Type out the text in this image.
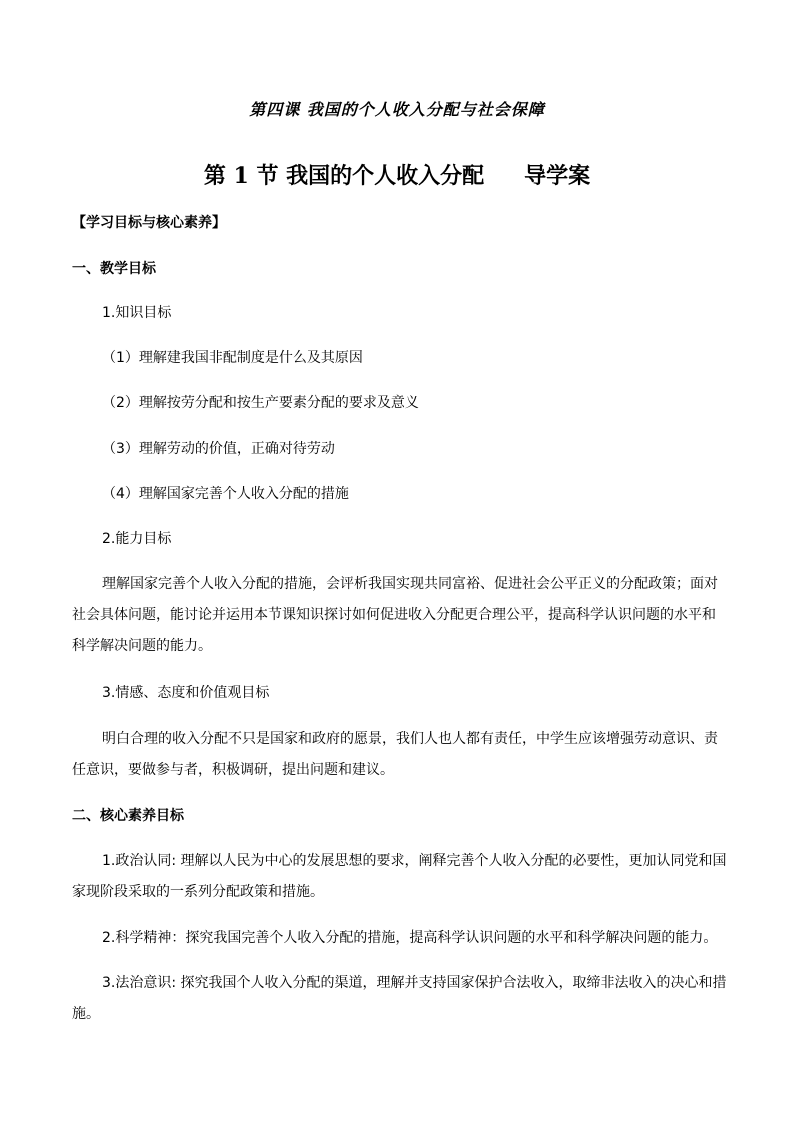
第四课 我国的个人收入分配与社会保障
第 1 节 我国的个人收入分配 导学案
【学习目标与核心素养】
一、教学目标
1.知识目标
（1）理解建我国非配制度是什么及其原因
（2）理解按劳分配和按生产要素分配的要求及意义
（3）理解劳动的价值，正确对待劳动
（4）理解国家完善个人收入分配的措施
2.能力目标
理解国家完善个人收入分配的措施，会评析我国实现共同富裕、促进社会公平正义的分配政策；面对
社会具体问题，能讨论并运用本节课知识探讨如何促进收入分配更合理公平，提高科学认识问题的水平和
科学解决问题的能力。
3.情感、态度和价值观目标
明白合理的收入分配不只是国家和政府的愿景，我们人也人都有责任，中学生应该增强劳动意识、责
任意识，要做参与者，积极调研，提出问题和建议。
二、核心素养目标
1.政治认同: 理解以人民为中心的发展思想的要求，阐释完善个人收入分配的必要性，更加认同党和国
家现阶段采取的一系列分配政策和措施。
2.科学精神：探究我国完善个人收入分配的措施，提高科学认识问题的水平和科学解决问题的能力。
3.法治意识: 探究我国个人收入分配的渠道，理解并支持国家保护合法收入，取缔非法收入的决心和措
施。
